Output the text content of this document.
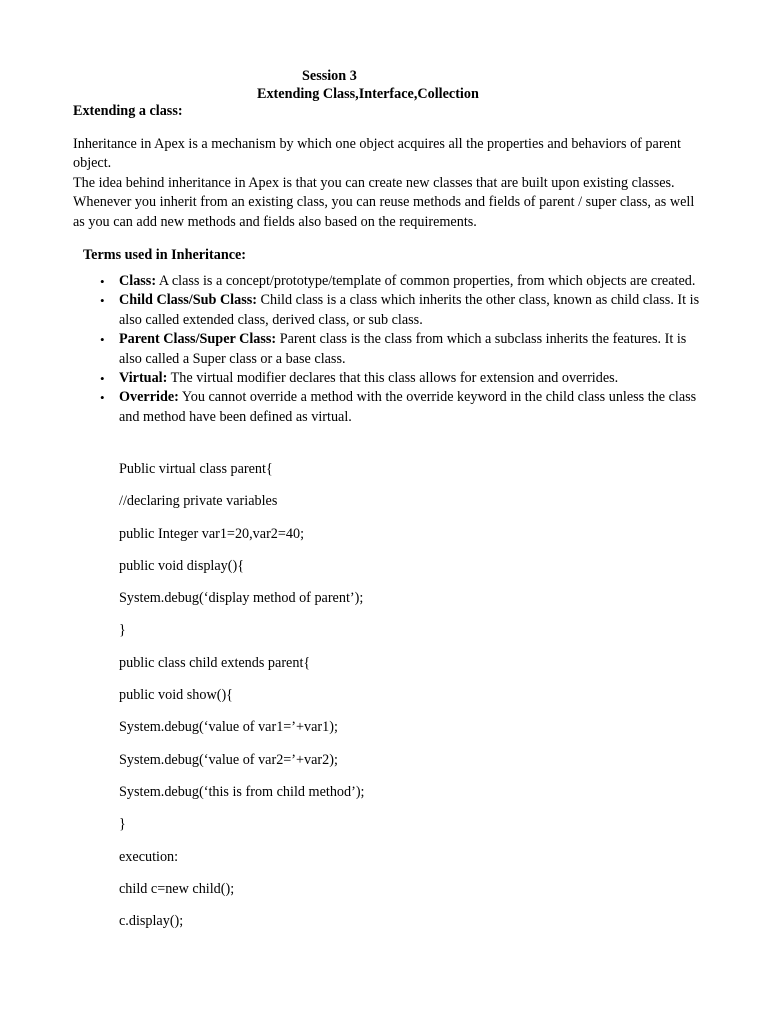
Session 3
Extending Class,Interface,Collection
Extending a class:
Inheritance in Apex is a mechanism by which one object acquires all the properties and behaviors of parent object.
The idea behind inheritance in Apex is that you can create new classes that are built upon existing classes. Whenever you inherit from an existing class, you can reuse methods and fields of parent / super class, as well as you can add new methods and fields also based on the requirements.
Terms used in Inheritance:
• Class: A class is a concept/prototype/template of common properties, from which objects are created.
• Child Class/Sub Class: Child class is a class which inherits the other class, known as child class. It is also called extended class, derived class, or sub class.
• Parent Class/Super Class: Parent class is the class from which a subclass inherits the features. It is also called a Super class or a base class.
• Virtual: The virtual modifier declares that this class allows for extension and overrides.
• Override: You cannot override a method with the override keyword in the child class unless the class and method have been defined as virtual.
Public virtual class parent{
//declaring private variables
public Integer var1=20,var2=40;
public void display(){
System.debug(‘display method of parent’);
}
public class child extends parent{
public void show(){
System.debug(‘value of var1=’+var1);
System.debug(‘value of var2=’+var2);
System.debug(‘this is from child method’);
}
execution:
child c=new child();
c.display();
